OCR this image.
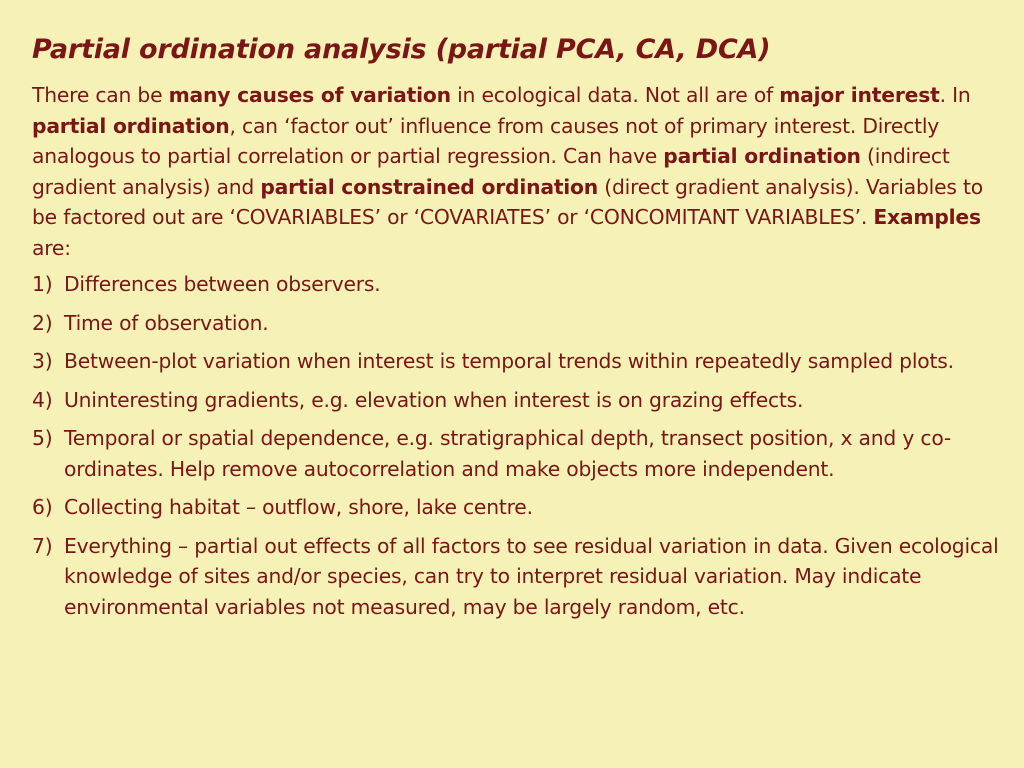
Partial ordination analysis (partial PCA, CA, DCA)

There can be many causes of variation in ecological data. Not all are of major interest. In partial ordination, can ‘factor out’ influence from causes not of primary interest. Directly analogous to partial correlation or partial regression. Can have partial ordination (indirect gradient analysis) and partial constrained ordination (direct gradient analysis). Variables to be factored out are ‘COVARIABLES’ or ‘COVARIATES’ or ‘CONCOMITANT VARIABLES’. Examples are:

1) Differences between observers.
2) Time of observation.
3) Between-plot variation when interest is temporal trends within repeatedly sampled plots.
4) Uninteresting gradients, e.g. elevation when interest is on grazing effects.
5) Temporal or spatial dependence, e.g. stratigraphical depth, transect position, x and y co-ordinates. Help remove autocorrelation and make objects more independent.
6) Collecting habitat – outflow, shore, lake centre.
7) Everything – partial out effects of all factors to see residual variation in data. Given ecological knowledge of sites and/or species, can try to interpret residual variation. May indicate environmental variables not measured, may be largely random, etc.
